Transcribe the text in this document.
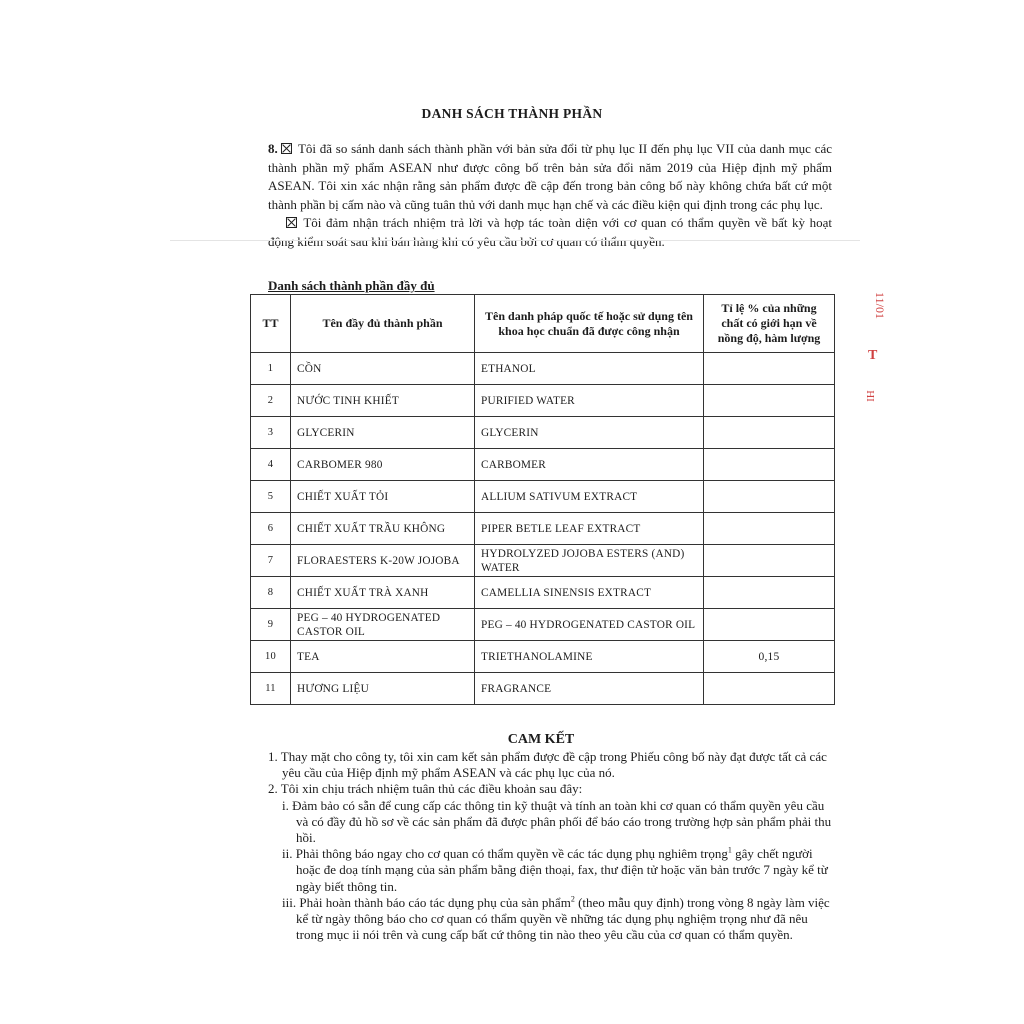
DANH SÁCH THÀNH PHẦN

8. Tôi đã so sánh danh sách thành phần với bản sửa đổi từ phụ lục II đến phụ lục VII của danh mục các thành phần mỹ phẩm ASEAN như được công bố trên bản sửa đổi năm 2019 của Hiệp định mỹ phẩm ASEAN. Tôi xin xác nhận rằng sản phẩm được đề cập đến trong bản công bố này không chứa bất cứ một thành phần bị cấm nào và cũng tuân thủ với danh mục hạn chế và các điều kiện qui định trong các phụ lục.

Tôi đảm nhận trách nhiệm trả lời và hợp tác toàn diện với cơ quan có thẩm quyền về bất kỳ hoạt động kiểm soát sau khi bán hàng khi có yêu cầu bởi cơ quan có thẩm quyền.

Danh sách thành phần đầy đủ
TT	Tên đầy đủ thành phần	Tên danh pháp quốc tế hoặc sử dụng tên khoa học chuẩn đã được công nhận	Tỉ lệ % của những chất có giới hạn về nồng độ, hàm lượng
1	CỒN	ETHANOL	
2	NƯỚC TINH KHIẾT	PURIFIED WATER	
3	GLYCERIN	GLYCERIN	
4	CARBOMER 980	CARBOMER	
5	CHIẾT XUẤT TỎI	ALLIUM SATIVUM EXTRACT	
6	CHIẾT XUẤT TRẦU KHÔNG	PIPER BETLE LEAF EXTRACT	
7	FLORAESTERS K-20W JOJOBA	HYDROLYZED JOJOBA ESTERS (AND) WATER	
8	CHIẾT XUẤT TRÀ XANH	CAMELLIA SINENSIS EXTRACT	
9	PEG – 40 HYDROGENATED CASTOR OIL	PEG – 40 HYDROGENATED CASTOR OIL	
10	TEA	TRIETHANOLAMINE	0,15
11	HƯƠNG LIỆU	FRAGRANCE	
11/01
T
HI
CAM KẾT

1. Thay mặt cho công ty, tôi xin cam kết sản phẩm được đề cập trong Phiếu công bố này đạt được tất cả các yêu cầu của Hiệp định mỹ phẩm ASEAN và các phụ lục của nó.

2. Tôi xin chịu trách nhiệm tuân thủ các điều khoản sau đây:

i. Đảm bảo có sẵn để cung cấp các thông tin kỹ thuật và tính an toàn khi cơ quan có thẩm quyền yêu cầu và có đầy đủ hồ sơ về các sản phẩm đã được phân phối để báo cáo trong trường hợp sản phẩm phải thu hồi.

ii. Phải thông báo ngay cho cơ quan có thẩm quyền về các tác dụng phụ nghiêm trọng$^1$ gây chết người hoặc đe doạ tính mạng của sản phẩm bằng điện thoại, fax, thư điện tử hoặc văn bản trước 7 ngày kể từ ngày biết thông tin.

iii. Phải hoàn thành báo cáo tác dụng phụ của sản phẩm$^2$ (theo mẫu quy định) trong vòng 8 ngày làm việc kể từ ngày thông báo cho cơ quan có thẩm quyền về những tác dụng phụ nghiệm trọng như đã nêu trong mục ii nói trên và cung cấp bất cứ thông tin nào theo yêu cầu của cơ quan có thẩm quyền.
